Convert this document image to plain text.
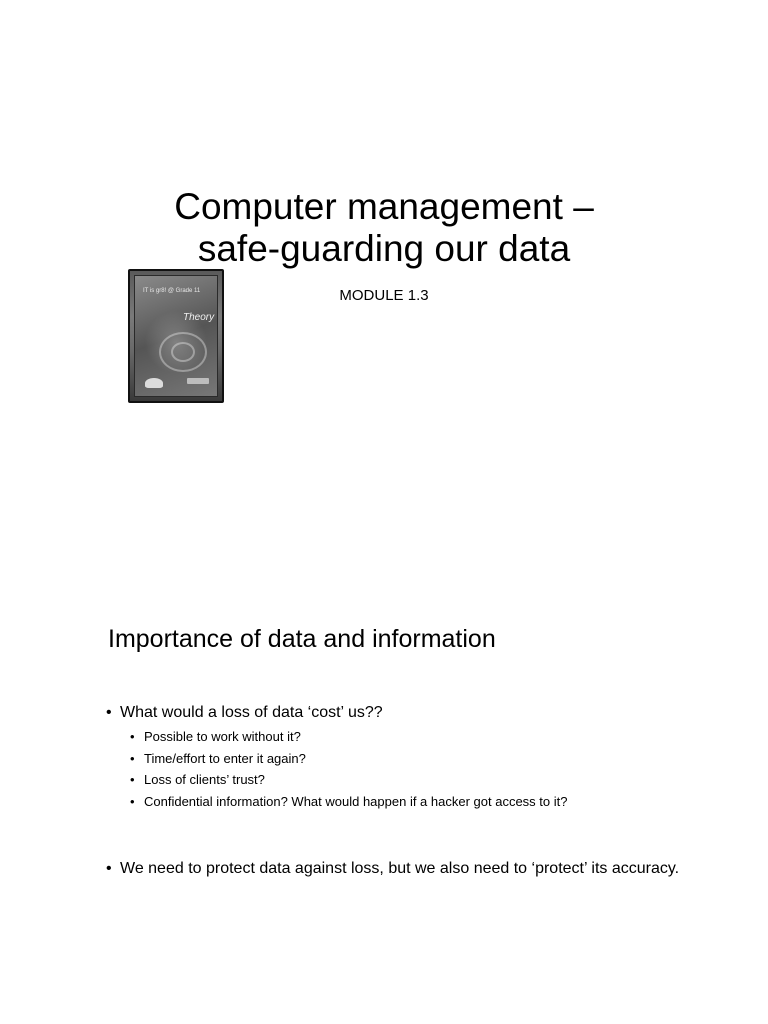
Computer management –
safe-guarding our data
MODULE 1.3
IT is gr8! @ Grade 11
Theory
Importance of data and information

• What would a loss of data ‘cost’ us??

• Possible to work without it?
• Time/effort to enter it again?
• Loss of clients’ trust?
• Confidential information? What would happen if a hacker got access to it?

• We need to protect data against loss, but we also need to ‘protect’ its accuracy.
